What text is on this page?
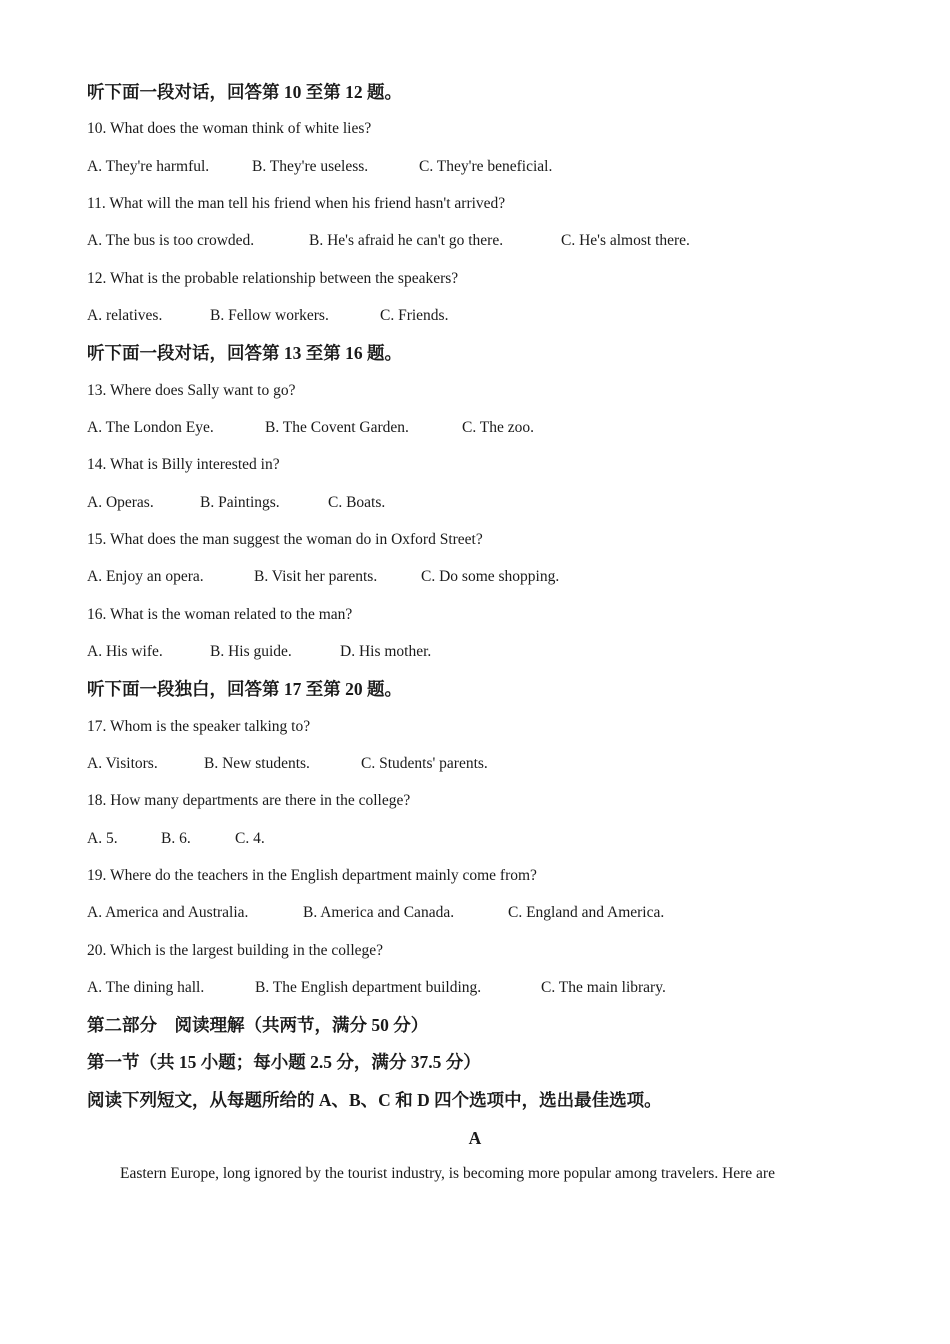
听下面一段对话，回答第 10 至第 12 题。
10. What does the woman think of white lies?
A. They're harmful.	B. They're useless.	C. They're beneficial.
11. What will the man tell his friend when his friend hasn't arrived?
A. The bus is too crowded.	B. He's afraid he can't go there.	C. He's almost there.
12. What is the probable relationship between the speakers?
A. relatives.	B. Fellow workers.	C. Friends.
听下面一段对话，回答第 13 至第 16 题。
13. Where does Sally want to go?
A. The London Eye.	B. The Covent Garden.	C. The zoo.
14. What is Billy interested in?
A. Operas.	B. Paintings.	C. Boats.
15. What does the man suggest the woman do in Oxford Street?
A. Enjoy an opera.	B. Visit her parents.	C. Do some shopping.
16. What is the woman related to the man?
A. His wife.	B. His guide.	D. His mother.
听下面一段独白，回答第 17 至第 20 题。
17. Whom is the speaker talking to?
A. Visitors.	B. New students.	C. Students' parents.
18. How many departments are there in the college?
A. 5.	B. 6.	C. 4.
19. Where do the teachers in the English department mainly come from?
A. America and Australia.	B. America and Canada.	C. England and America.
20. Which is the largest building in the college?
A. The dining hall.	B. The English department building.	C. The main library.
第二部分　阅读理解（共两节，满分 50 分）
第一节（共 15 小题；每小题 2.5 分，满分 37.5 分）
阅读下列短文，从每题所给的 A、B、C 和 D 四个选项中，选出最佳选项。
A
Eastern Europe, long ignored by the tourist industry, is becoming more popular among travelers. Here are
